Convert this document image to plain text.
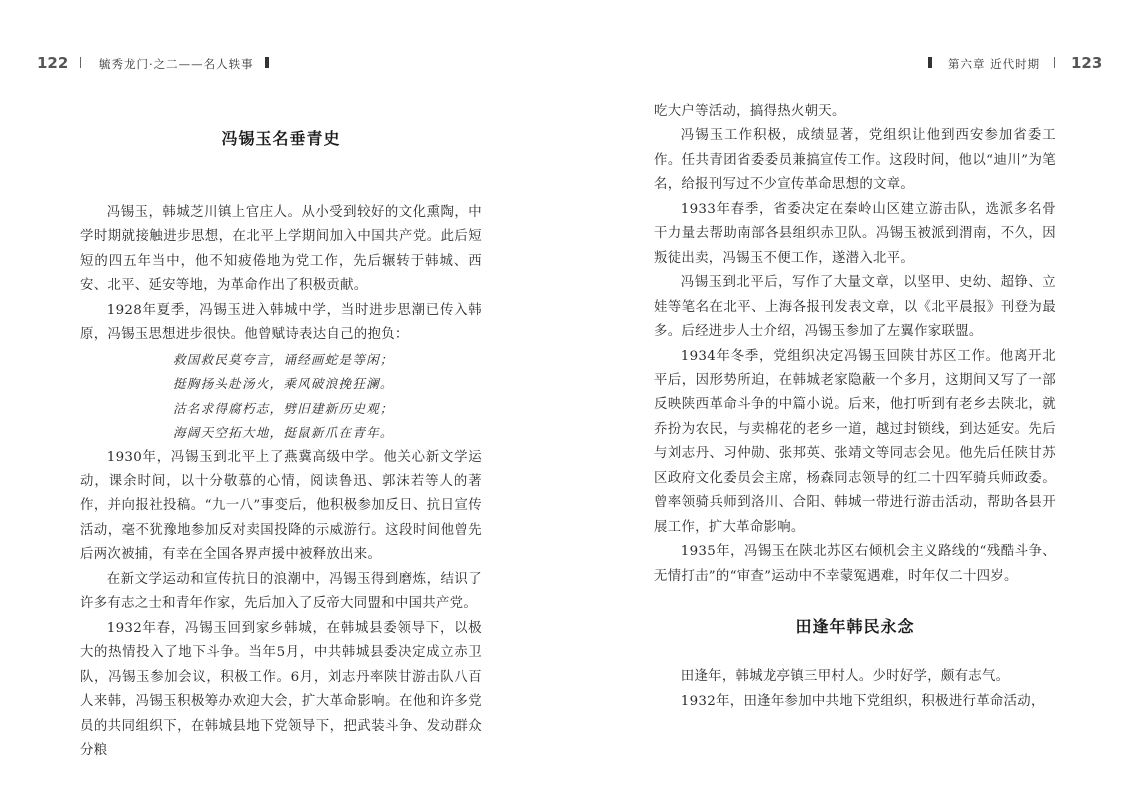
122	毓秀龙门·之二——名人轶事	第六章 近代时期 123
冯锡玉名垂青史

冯锡玉，韩城芝川镇上官庄人。从小受到较好的文化熏陶，中学时期就接触进步思想，在北平上学期间加入中国共产党。此后短短的四五年当中，他不知疲倦地为党工作，先后辗转于韩城、西安、北平、延安等地，为革命作出了积极贡献。

1928年夏季，冯锡玉进入韩城中学，当时进步思潮已传入韩原，冯锡玉思想进步很快。他曾赋诗表达自己的抱负：

救国救民莫夸言，诵经画蛇是等闲；

挺胸扬头赴汤火，乘风破浪挽狂澜。

沽名求得腐朽志，劈旧建新历史观；

海阔天空拓大地，挺鼠新爪在青年。

1930年，冯锡玉到北平上了燕冀高级中学。他关心新文学运动，课余时间，以十分敬慕的心情，阅读鲁迅、郭沫若等人的著作，并向报社投稿。“九一八”事变后，他积极参加反日、抗日宣传活动，毫不犹豫地参加反对卖国投降的示威游行。这段时间他曾先后两次被捕，有幸在全国各界声援中被释放出来。

在新文学运动和宣传抗日的浪潮中，冯锡玉得到磨炼，结识了许多有志之士和青年作家，先后加入了反帝大同盟和中国共产党。

1932年春，冯锡玉回到家乡韩城，在韩城县委领导下，以极大的热情投入了地下斗争。当年5月，中共韩城县委决定成立赤卫队，冯锡玉参加会议，积极工作。6月，刘志丹率陕甘游击队八百人来韩，冯锡玉积极筹办欢迎大会，扩大革命影响。在他和许多党员的共同组织下，在韩城县地下党领导下，把武装斗争、发动群众分粮

吃大户等活动，搞得热火朝天。

冯锡玉工作积极，成绩显著，党组织让他到西安参加省委工作。任共青团省委委员兼搞宣传工作。这段时间，他以“迪川”为笔名，给报刊写过不少宣传革命思想的文章。

1933年春季，省委决定在秦岭山区建立游击队，选派多名骨干力量去帮助南部各县组织赤卫队。冯锡玉被派到渭南，不久，因叛徒出卖，冯锡玉不便工作，遂潜入北平。

冯锡玉到北平后，写作了大量文章，以坚甲、史幼、超铮、立娃等笔名在北平、上海各报刊发表文章，以《北平晨报》刊登为最多。后经进步人士介绍，冯锡玉参加了左翼作家联盟。

1934年冬季，党组织决定冯锡玉回陕甘苏区工作。他离开北平后，因形势所迫，在韩城老家隐蔽一个多月，这期间又写了一部反映陕西革命斗争的中篇小说。后来，他打听到有老乡去陕北，就乔扮为农民，与卖棉花的老乡一道，越过封锁线，到达延安。先后与刘志丹、习仲勋、张邦英、张靖文等同志会见。他先后任陕甘苏区政府文化委员会主席，杨森同志领导的红二十四军骑兵师政委。曾率领骑兵师到洛川、合阳、韩城一带进行游击活动，帮助各县开展工作，扩大革命影响。

1935年，冯锡玉在陕北苏区右倾机会主义路线的“残酷斗争、无情打击”的“审查”运动中不幸蒙冤遇难，时年仅二十四岁。

田逢年韩民永念

田逢年，韩城龙亭镇三甲村人。少时好学，颇有志气。

1932年，田逢年参加中共地下党组织，积极进行革命活动，
